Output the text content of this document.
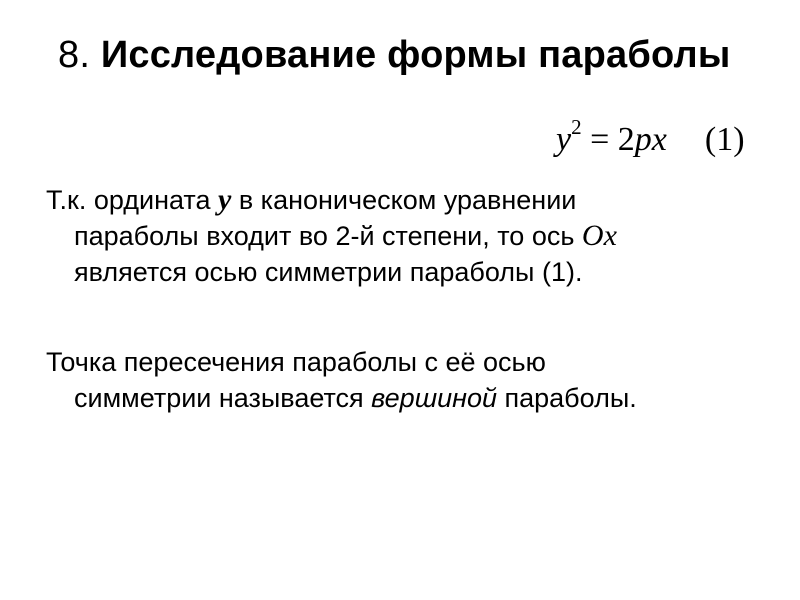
8. Исследование формы параболы
$y^2 = 2px$ (1)

Т.к. ордината y в каноническом уравнении
параболы входит во 2-й степени, то ось Ox
является осью симметрии параболы (1).

Точка пересечения параболы с её осью
симметрии называется вершиной параболы.
